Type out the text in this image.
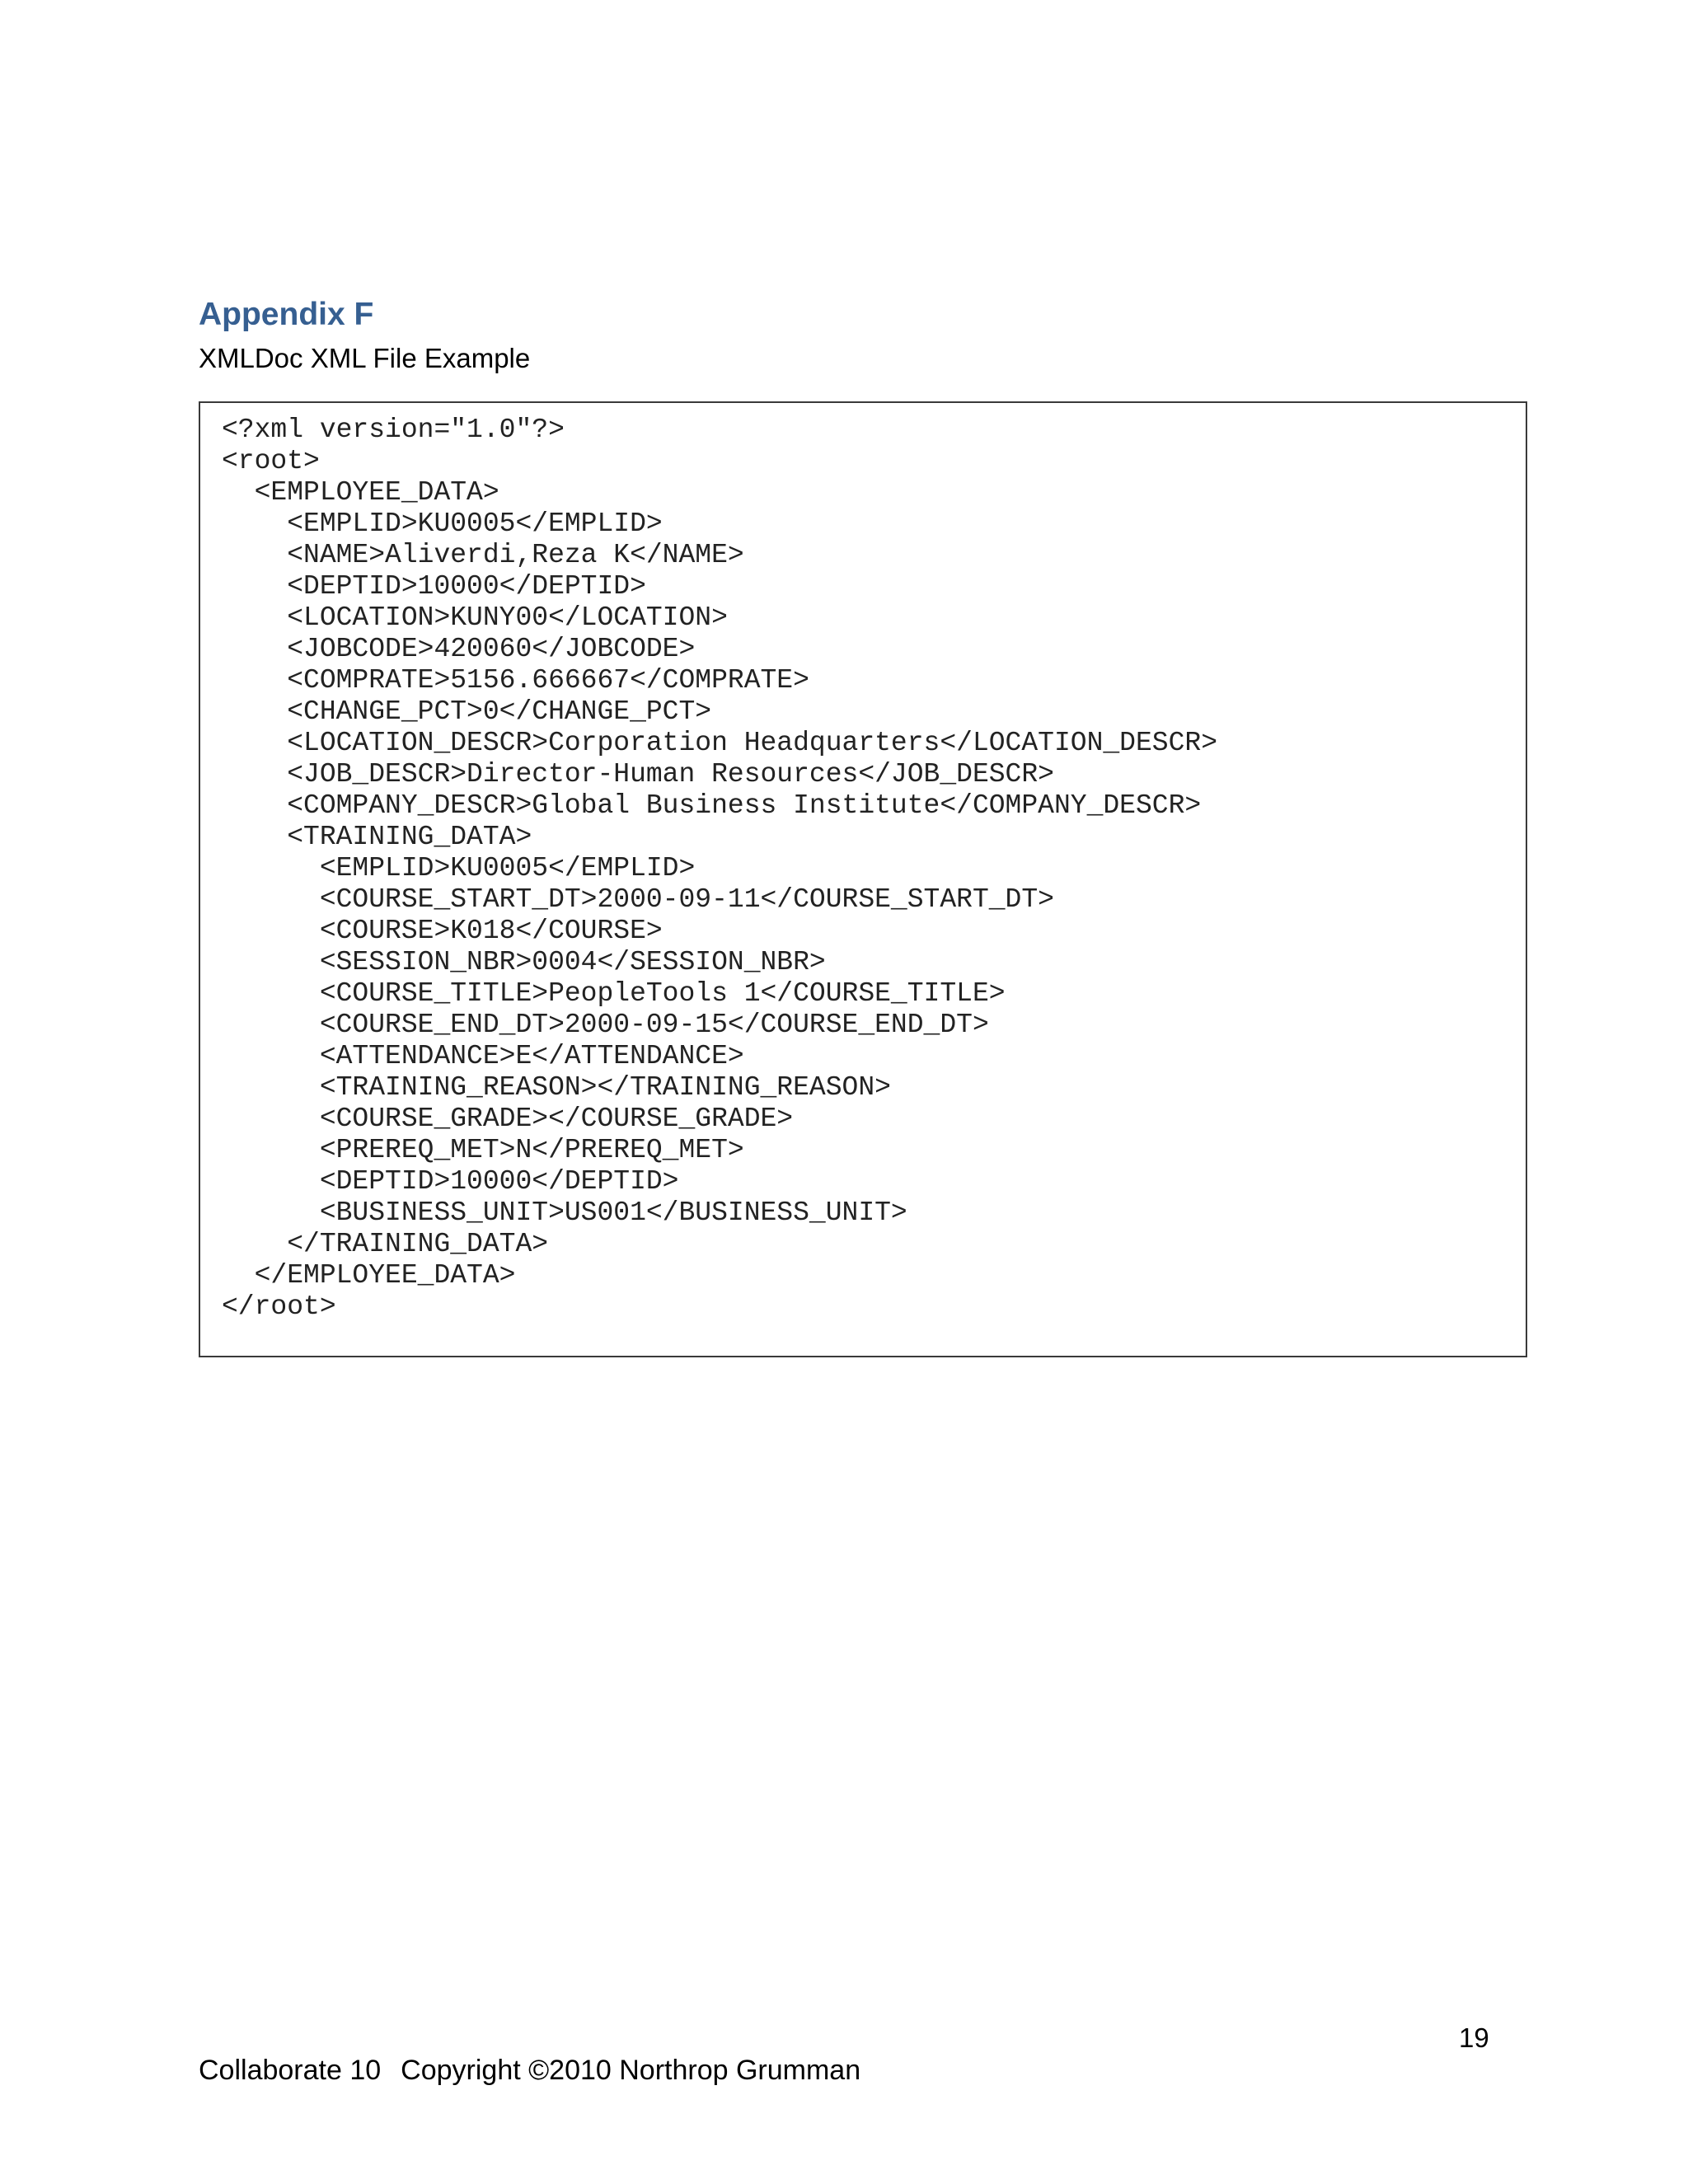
Appendix F
XMLDoc XML File Example
<?xml version="1.0"?>
<root>
<EMPLOYEE_DATA>
<EMPLID>KU0005</EMPLID>
<NAME>Aliverdi,Reza K</NAME>
<DEPTID>10000</DEPTID>
<LOCATION>KUNY00</LOCATION>
<JOBCODE>420060</JOBCODE>
<COMPRATE>5156.666667</COMPRATE>
<CHANGE_PCT>0</CHANGE_PCT>
<LOCATION_DESCR>Corporation Headquarters</LOCATION_DESCR>
<JOB_DESCR>Director-Human Resources</JOB_DESCR>
<COMPANY_DESCR>Global Business Institute</COMPANY_DESCR>
<TRAINING_DATA>
<EMPLID>KU0005</EMPLID>
<COURSE_START_DT>2000-09-11</COURSE_START_DT>
<COURSE>K018</COURSE>
<SESSION_NBR>0004</SESSION_NBR>
<COURSE_TITLE>PeopleTools 1</COURSE_TITLE>
<COURSE_END_DT>2000-09-15</COURSE_END_DT>
<ATTENDANCE>E</ATTENDANCE>
<TRAINING_REASON></TRAINING_REASON>
<COURSE_GRADE></COURSE_GRADE>
<PREREQ_MET>N</PREREQ_MET>
<DEPTID>10000</DEPTID>
<BUSINESS_UNIT>US001</BUSINESS_UNIT>
</TRAINING_DATA>
</EMPLOYEE_DATA>
</root>
19
Collaborate 10 Copyright ©2010 Northrop Grumman
